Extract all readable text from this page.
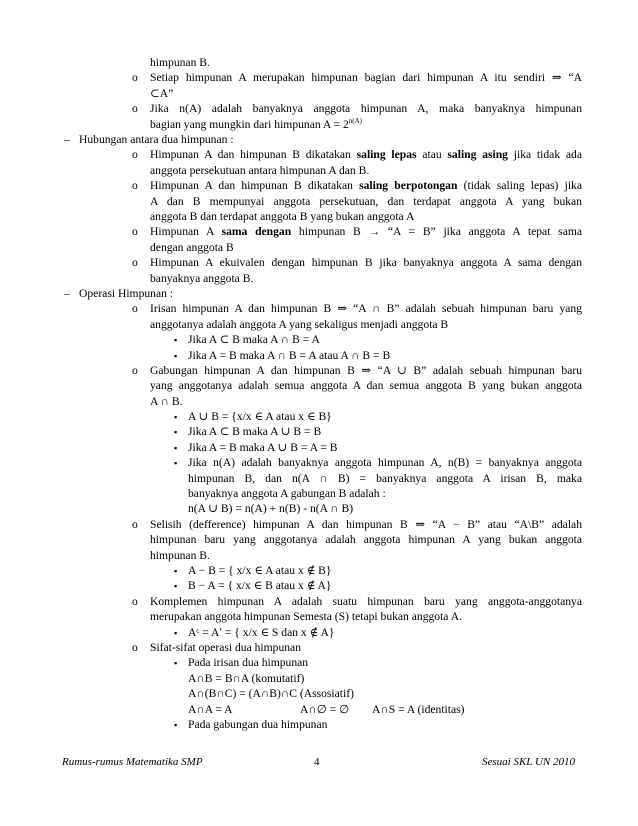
himpunan B.
o Setiap himpunan A merupakan himpunan bagian dari himpunan A itu sendiri ⇒ “A
⊂A”
o Jika n(A) adalah banyaknya anggota himpunan A, maka banyaknya himpunan
bagian yang mungkin dari himpunan $A = 2^{n(A)}$
– Hubungan antara dua himpunan :
o Himpunan A dan himpunan B dikatakan saling lepas atau saling asing jika tidak ada
anggota persekutuan antara himpunan A dan B.
o Himpunan A dan himpunan B dikatakan saling berpotongan (tidak saling lepas) jika
A dan B mempunyai anggota persekutuan, dan terdapat anggota A yang bukan
anggota B dan terdapat anggota B yang bukan anggota A
o Himpunan A sama dengan himpunan B → “A = B” jika anggota A tepat sama
dengan anggota B
o Himpunan A ekuivalen dengan himpunan B jika banyaknya anggota A sama dengan
banyaknya anggota B.
– Operasi Himpunan :
o Irisan himpunan A dan himpunan B ⇒ “A ∩ B” adalah sebuah himpunan baru yang
anggotanya adalah anggota A yang sekaligus menjadi anggota B
▪ Jika A ⊂ B maka A ∩ B = A
▪ Jika A = B maka A ∩ B = A atau A ∩ B = B
o Gabungan himpunan A dan himpunan B ⇒ “A ∪ B” adalah sebuah himpunan baru
yang anggotanya adalah semua anggota A dan semua anggota B yang bukan anggota
A ∩ B.
▪ A ∪ B = {x/x ∈ A atau x ∈ B}
▪ Jika A ⊂ B maka A ∪ B = B
▪ Jika A = B maka A ∪ B = A = B
▪ Jika n(A) adalah banyaknya anggota himpunan A, n(B) = banyaknya anggota
himpunan B, dan n(A ∩ B) = banyaknya anggota A irisan B, maka
banyaknya anggota A gabungan B adalah :
n(A ∪ B) = n(A) + n(B) - n(A ∩ B)
o Selisih (defference) himpunan A dan himpunan B ⇒ “A − B” atau “A\B” adalah
himpunan baru yang anggotanya adalah anggota himpunan A yang bukan anggota
himpunan B.
▪ A − B = { x/x ∈ A atau x ∉ B}
▪ B − A = { x/x ∈ B atau x ∉ A}
o Komplemen himpunan A adalah suatu himpunan baru yang anggota-anggotanya
merupakan anggota himpunan Semesta (S) tetapi bukan anggota A.
▪ Aᶜ = Aʹ = { x/x ∈ S dan x ∉ A}
o Sifat-sifat operasi dua himpunan
▪ Pada irisan dua himpunan
A∩B = B∩A (komutatif)
A∩(B∩C) = (A∩B)∩C (Assosiatif)
A∩A = A	A∩∅ = ∅ A∩S = A (identitas)
▪ Pada gabungan dua himpunan
Rumus-rumus Matematika SMP	4	Sesuai SKL UN 2010
